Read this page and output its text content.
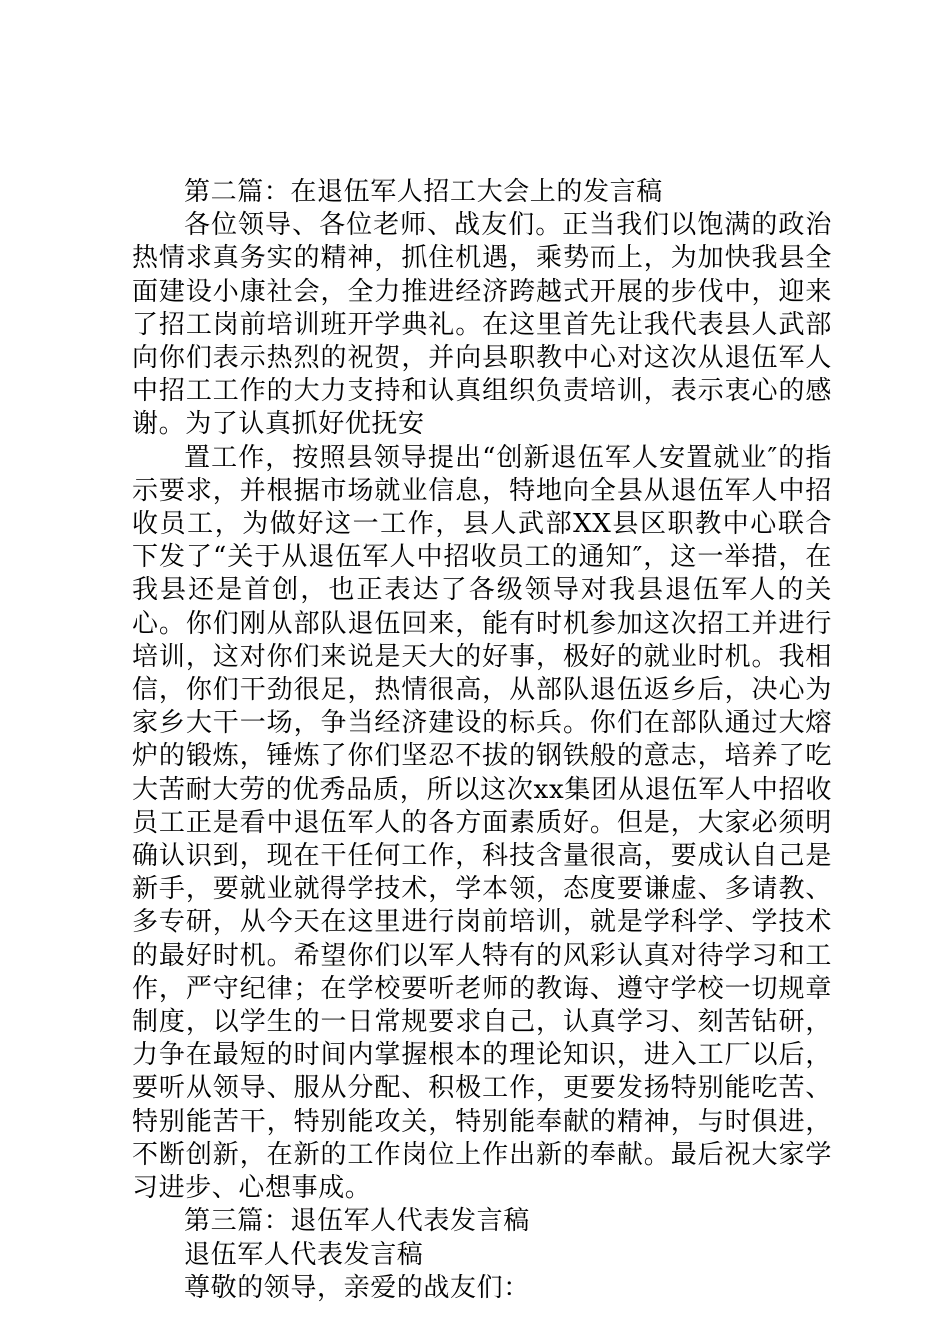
第二篇：在退伍军人招工大会上的发言稿

各位领导、各位老师、战友们。正当我们以饱满的政治热情求真务实的精神，抓住机遇，乘势而上，为加快我县全面建设小康社会，全力推进经济跨越式开展的步伐中，迎来了招工岗前培训班开学典礼。在这里首先让我代表县人武部向你们表示热烈的祝贺，并向县职教中心对这次从退伍军人中招工工作的大力支持和认真组织负责培训，表示衷心的感谢。为了认真抓好优抚安

置工作，按照县领导提出“创新退伍军人安置就业″的指示要求，并根据市场就业信息，特地向全县从退伍军人中招收员工，为做好这一工作，县人武部XX县区职教中心联合下发了“关于从退伍军人中招收员工的通知″，这一举措，在我县还是首创，也正表达了各级领导对我县退伍军人的关心。你们刚从部队退伍回来，能有时机参加这次招工并进行培训，这对你们来说是天大的好事，极好的就业时机。我相信，你们干劲很足，热情很高，从部队退伍返乡后，决心为家乡大干一场，争当经济建设的标兵。你们在部队通过大熔炉的锻炼，锤炼了你们坚忍不拔的钢铁般的意志，培养了吃大苦耐大劳的优秀品质，所以这次xx集团从退伍军人中招收员工正是看中退伍军人的各方面素质好。但是，大家必须明确认识到，现在干任何工作，科技含量很高，要成认自己是新手，要就业就得学技术，学本领，态度要谦虚、多请教、多专研，从今天在这里进行岗前培训，就是学科学、学技术的最好时机。希望你们以军人特有的风彩认真对待学习和工作，严守纪律；在学校要听老师的教诲、遵守学校一切规章制度，以学生的一日常规要求自己，认真学习、刻苦钻研，力争在最短的时间内掌握根本的理论知识，进入工厂以后，要听从领导、服从分配、积极工作，更要发扬特别能吃苦、特别能苦干，特别能攻关，特别能奉献的精神，与时俱进，不断创新，在新的工作岗位上作出新的奉献。最后祝大家学习进步、心想事成。

第三篇：退伍军人代表发言稿

退伍军人代表发言稿

尊敬的领导，亲爱的战友们：
